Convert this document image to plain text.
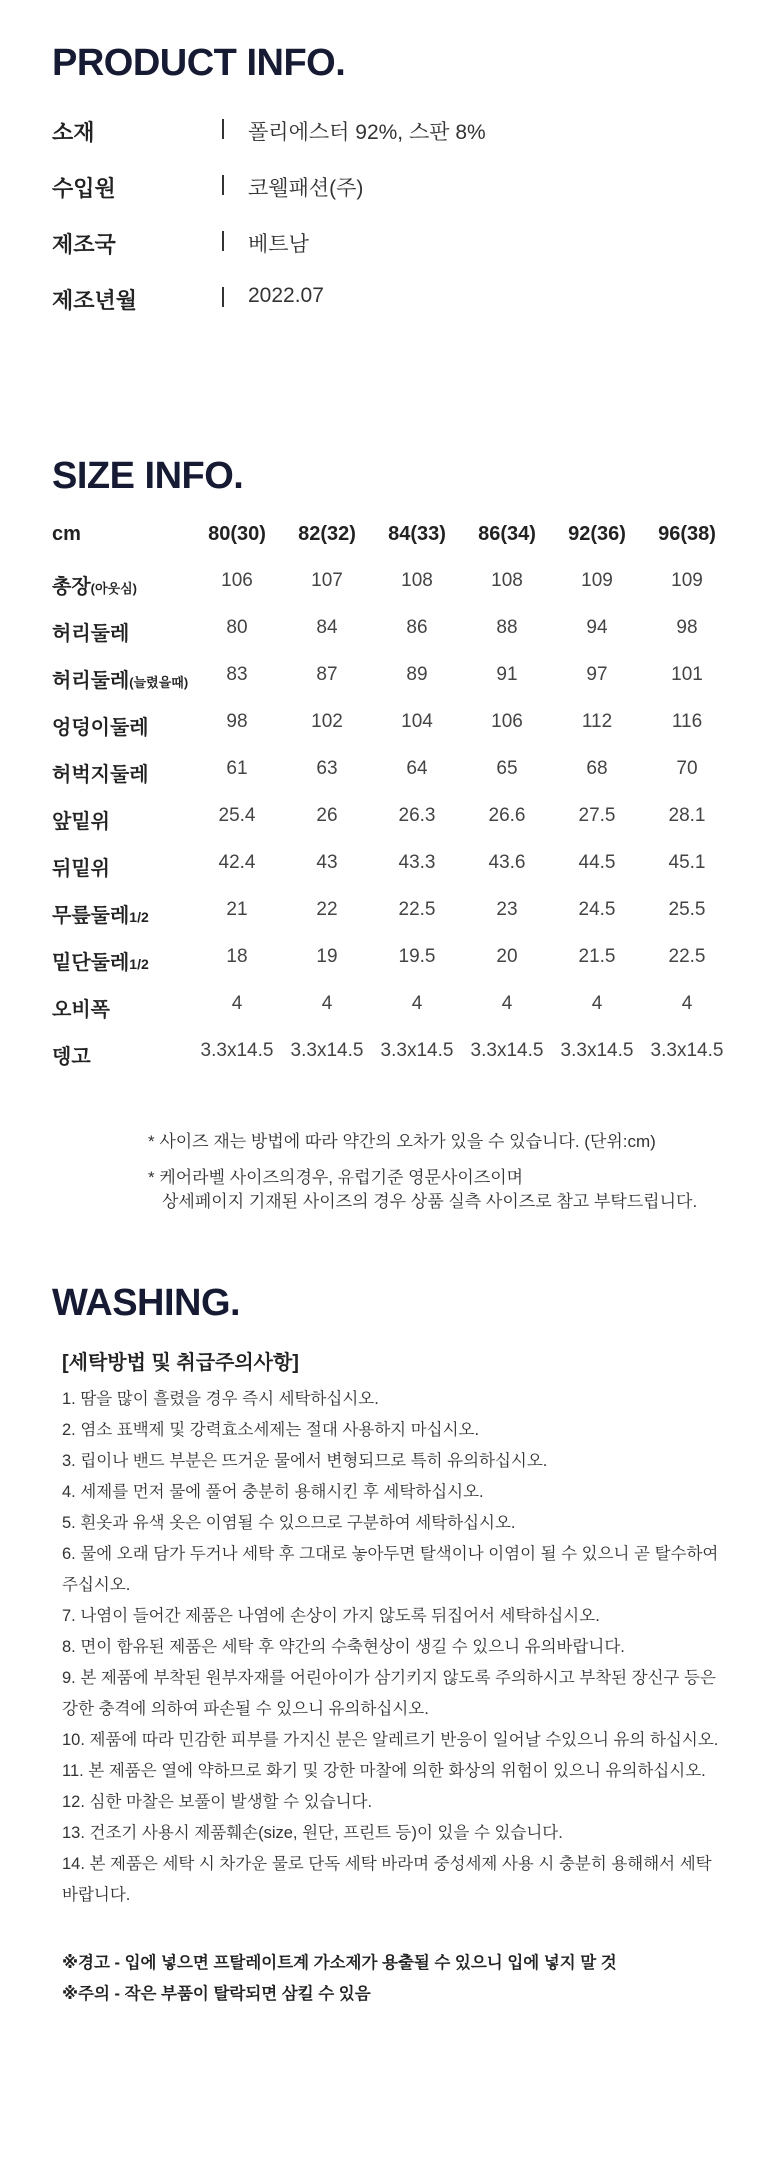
PRODUCT INFO.
소재	폴리에스터 92%, 스판 8%
수입원	코웰패션(주)
제조국	베트남
제조년월	2022.07
SIZE INFO.
cm	80(30)	82(32)	84(33)	86(34)	92(36)	96(38)
총장(아웃심)	106	107	108	108	109	109
허리둘레	80	84	86	88	94	98
허리둘레(늘렸을때)	83	87	89	91	97	101
엉덩이둘레	98	102	104	106	112	116
허벅지둘레	61	63	64	65	68	70
앞밑위	25.4	26	26.3	26.6	27.5	28.1
뒤밑위	42.4	43	43.3	43.6	44.5	45.1
무릎둘레1/2	21	22	22.5	23	24.5	25.5
밑단둘레1/2	18	19	19.5	20	21.5	22.5
오비폭	4	4	4	4	4	4
뎅고	3.3x14.5 3.3x14.5 3.3x14.5 3.3x14.5 3.3x14.5 3.3x14.5

* 사이즈 재는 방법에 따라 약간의 오차가 있을 수 있습니다. (단위:cm)

* 케어라벨 사이즈의경우, 유럽기준 영문사이즈이며

상세페이지 기재된 사이즈의 경우 상품 실측 사이즈로 참고 부탁드립니다.

WASHING.
[세탁방법 및 취급주의사항]
1. 땀을 많이 흘렸을 경우 즉시 세탁하십시오.
2. 염소 표백제 및 강력효소세제는 절대 사용하지 마십시오.
3. 립이나 밴드 부분은 뜨거운 물에서 변형되므로 특히 유의하십시오.
4. 세제를 먼저 물에 풀어 충분히 용해시킨 후 세탁하십시오.
5. 흰옷과 유색 옷은 이염될 수 있으므로 구분하여 세탁하십시오.
6. 물에 오래 담가 두거나 세탁 후 그대로 놓아두면 탈색이나 이염이 될 수 있으니 곧 탈수하여
주십시오.
7. 나염이 들어간 제품은 나염에 손상이 가지 않도록 뒤집어서 세탁하십시오.
8. 면이 함유된 제품은 세탁 후 약간의 수축현상이 생길 수 있으니 유의바랍니다.
9. 본 제품에 부착된 원부자재를 어린아이가 삼기키지 않도록 주의하시고 부착된 장신구 등은
강한 충격에 의하여 파손될 수 있으니 유의하십시오.
10. 제품에 따라 민감한 피부를 가지신 분은 알레르기 반응이 일어날 수있으니 유의 하십시오.
11. 본 제품은 열에 약하므로 화기 및 강한 마찰에 의한 화상의 위험이 있으니 유의하십시오.
12. 심한 마찰은 보풀이 발생할 수 있습니다.
13. 건조기 사용시 제품훼손(size, 원단, 프린트 등)이 있을 수 있습니다.
14. 본 제품은 세탁 시 차가운 물로 단독 세탁 바라며 중성세제 사용 시 충분히 용해해서 세탁
바랍니다.
※경고 - 입에 넣으면 프탈레이트계 가소제가 용출될 수 있으니 입에 넣지 말 것
※주의 - 작은 부품이 탈락되면 삼킬 수 있음
